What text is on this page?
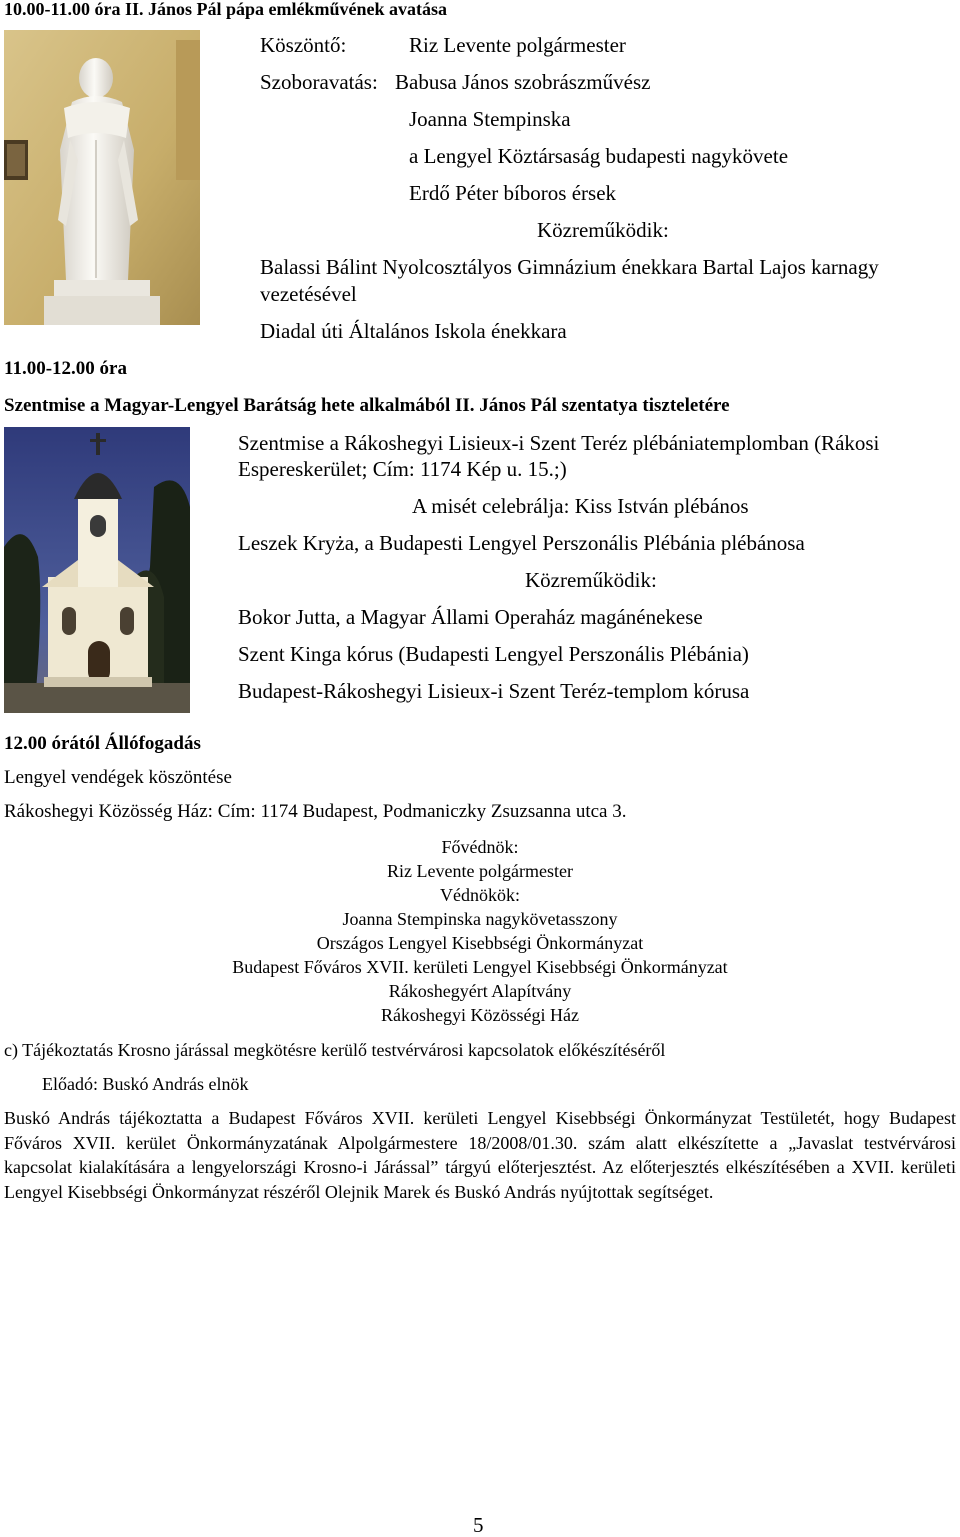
10.00-11.00 óra II. János Pál pápa emlékművének avatása
Köszöntő:	Riz Levente polgármester
Szoboravatás: Babusa János szobrászművész
Joanna Stempinska
a Lengyel Köztársaság budapesti nagykövete
Erdő Péter bíboros érsek
Közreműködik:
Balassi Bálint Nyolcosztályos Gimnázium énekkara Bartal Lajos karnagy
vezetésével
Diadal úti Általános Iskola énekkara
11.00-12.00 óra
Szentmise a Magyar-Lengyel Barátság hete alkalmából II. János Pál szentatya tiszteletére
Szentmise a Rákoshegyi Lisieux-i Szent Teréz plébániatemplomban (Rákosi
Espereskerület; Cím: 1174 Kép u. 15.;)
A misét celebrálja: Kiss István plébános
Leszek Kryża, a Budapesti Lengyel Perszonális Plébánia plébánosa
Közreműködik:
Bokor Jutta, a Magyar Állami Operaház magánénekese
Szent Kinga kórus (Budapesti Lengyel Perszonális Plébánia)
Budapest-Rákoshegyi Lisieux-i Szent Teréz-templom kórusa
12.00 órától Állófogadás
Lengyel vendégek köszöntése
Rákoshegyi Közösség Ház: Cím: 1174 Budapest, Podmaniczky Zsuzsanna utca 3.
Fővédnök:
Riz Levente polgármester
Védnökök:
Joanna Stempinska nagykövetasszony
Országos Lengyel Kisebbségi Önkormányzat
Budapest Főváros XVII. kerületi Lengyel Kisebbségi Önkormányzat
Rákoshegyért Alapítvány
Rákoshegyi Közösségi Ház
c) Tájékoztatás Krosno járással megkötésre kerülő testvérvárosi kapcsolatok előkészítéséről
Előadó: Buskó András elnök
Buskó András tájékoztatta a Budapest Főváros XVII. kerületi Lengyel Kisebbségi Önkormányzat Testületét, hogy Budapest Főváros XVII. kerület Önkormányzatának Alpolgármestere 18/2008/01.30. szám alatt elkészítette a „Javaslat testvérvárosi kapcsolat kialakítására a lengyelországi Krosno-i Járással” tárgyú előterjesztést. Az előterjesztés elkészítésében a XVII. kerületi Lengyel Kisebbségi Önkormányzat részéről Olejnik Marek és Buskó András nyújtottak segítséget.
5
